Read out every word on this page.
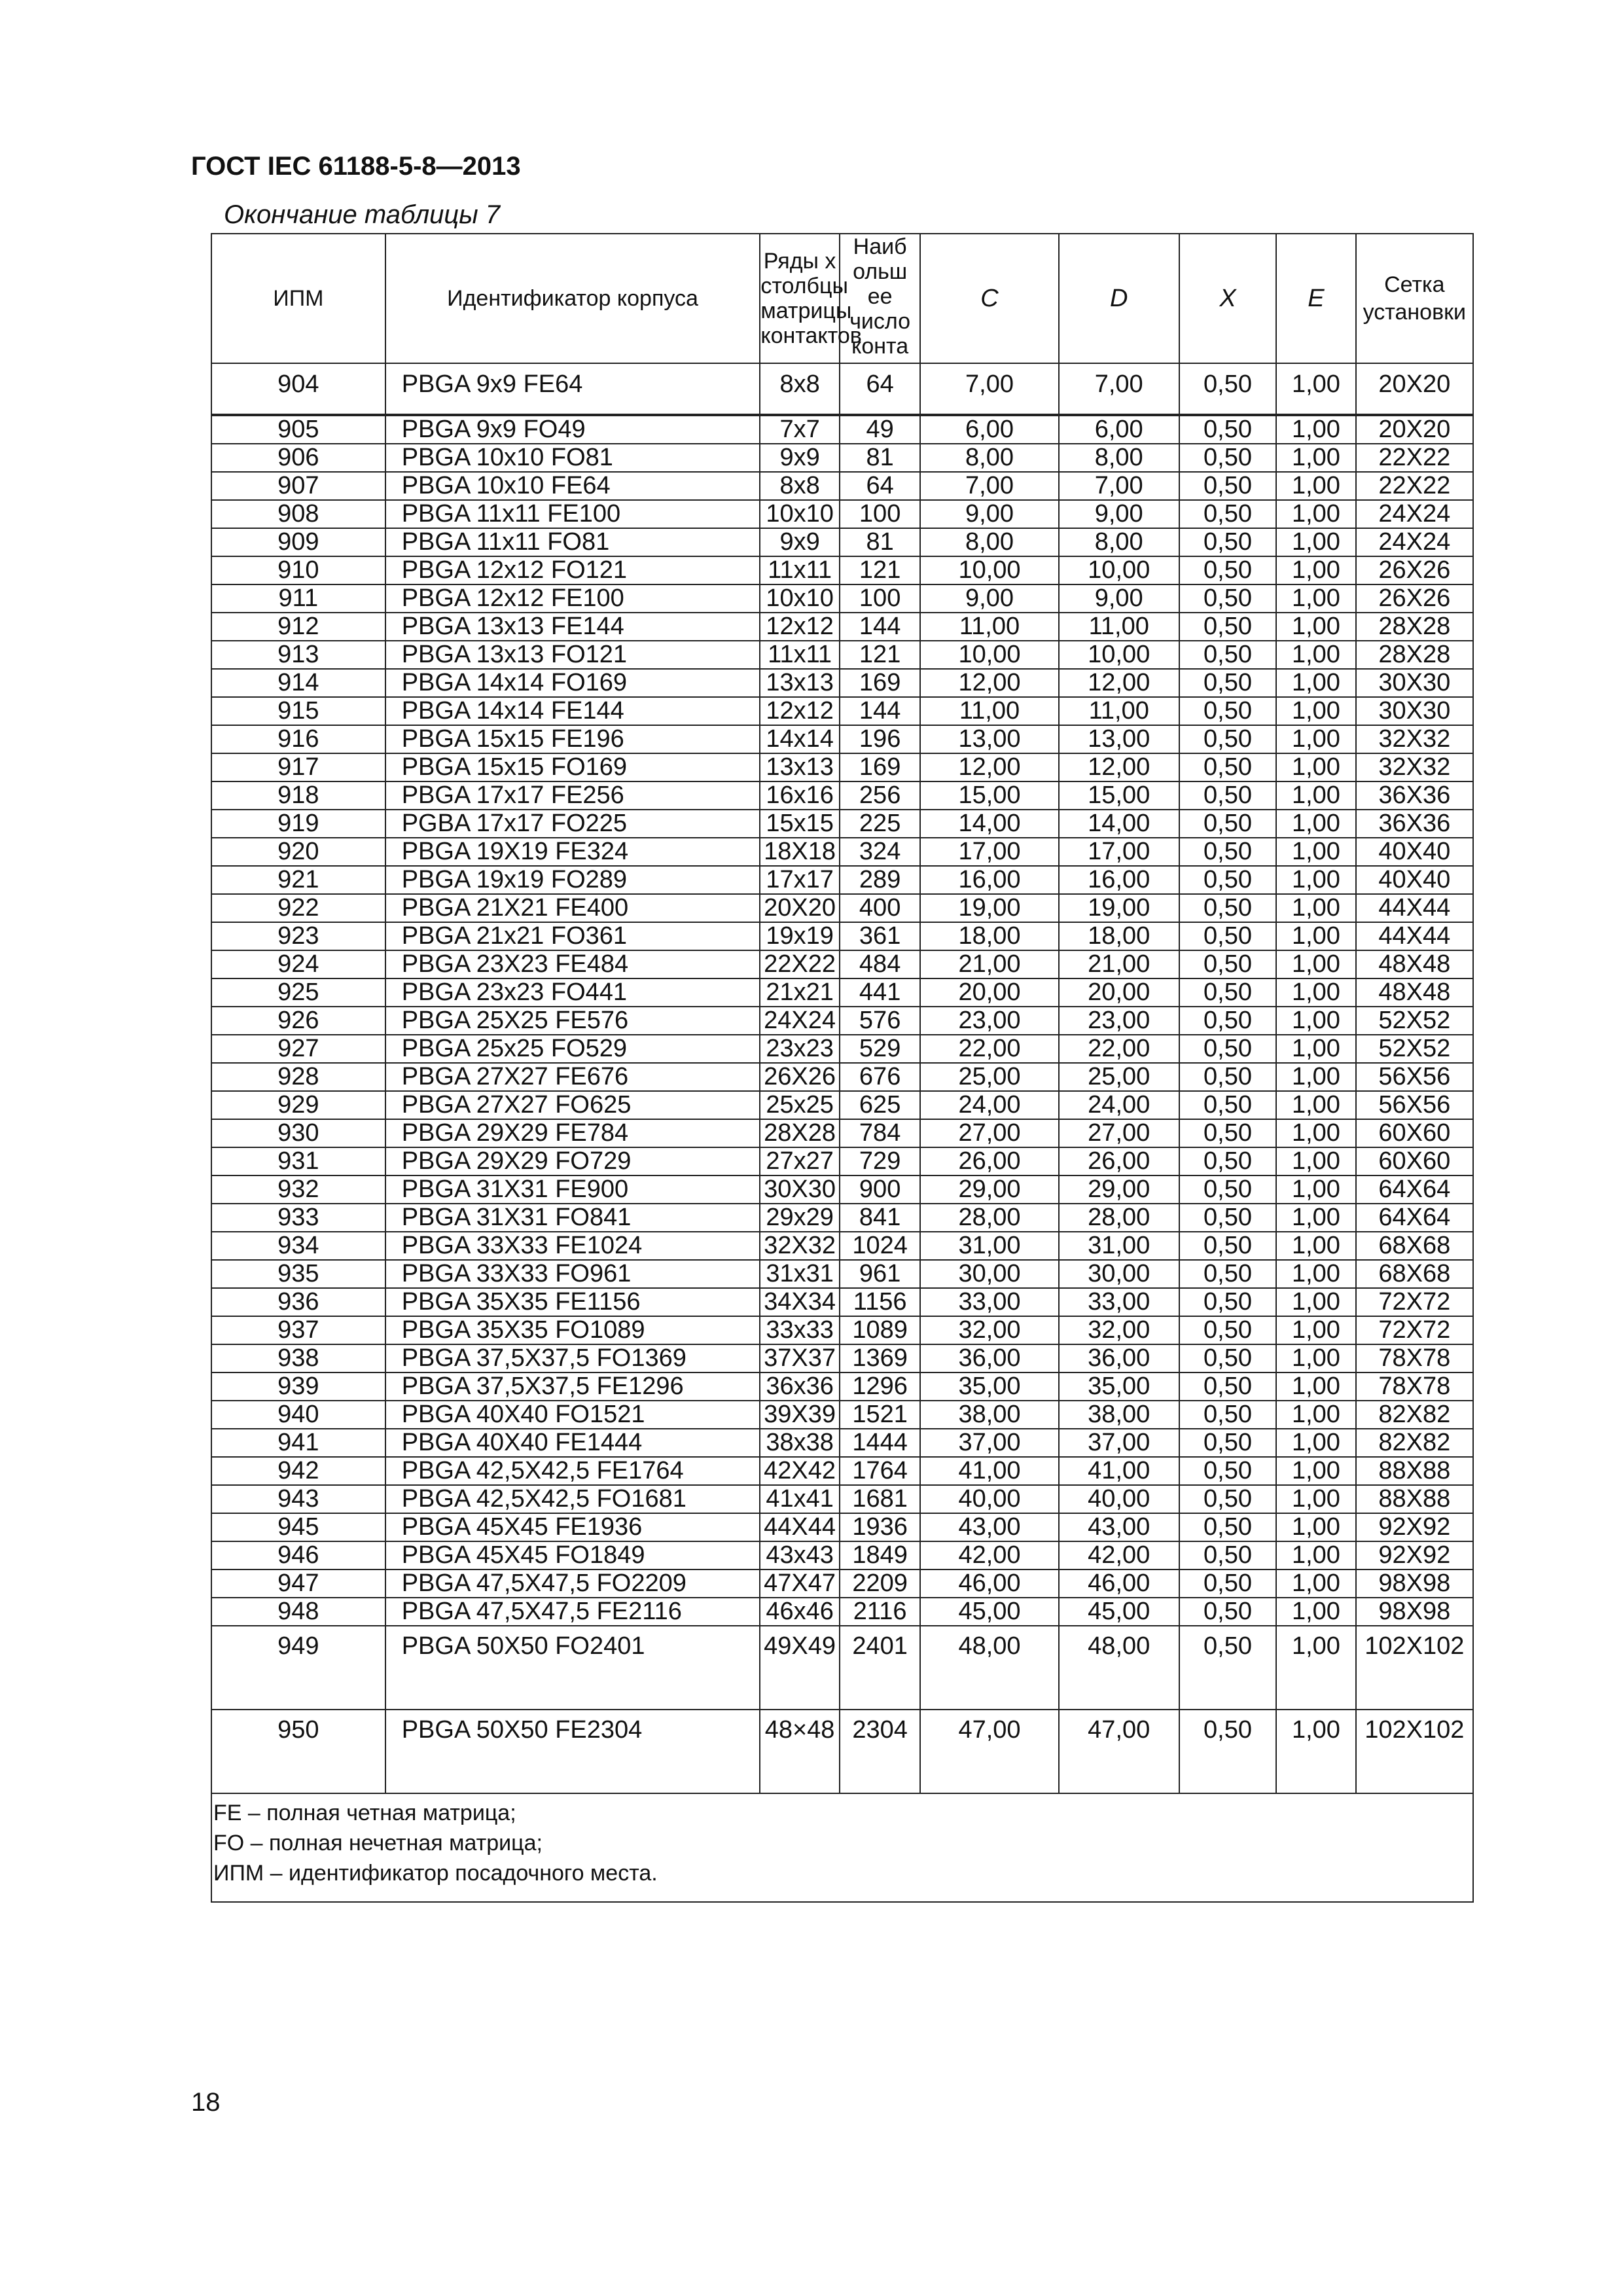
ГОСТ IEC 61188-5-8—2013
Окончание таблицы 7
ИПМ	Идентификатор корпуса	Ряды х
столбцы
матрицы
контактов	Наиб
ольш
ее
число
конта	C	D	X	E	Сетка
установки
904	PBGA 9x9 FE64	8x8	64	7,00	7,00	0,50	1,00	20X20
905	PBGA 9x9 FO49	7x7	49	6,00	6,00	0,50	1,00	20X20
906	PBGA 10x10 FO81	9x9	81	8,00	8,00	0,50	1,00	22X22
907	PBGA 10x10 FE64	8x8	64	7,00	7,00	0,50	1,00	22X22
908	PBGA 11x11 FE100	10x10	100	9,00	9,00	0,50	1,00	24X24
909	PBGA 11x11 FO81	9x9	81	8,00	8,00	0,50	1,00	24X24
910	PBGA 12x12 FO121	11x11	121	10,00	10,00	0,50	1,00	26X26
911	PBGA 12x12 FE100	10x10	100	9,00	9,00	0,50	1,00	26X26
912	PBGA 13x13 FE144	12x12	144	11,00	11,00	0,50	1,00	28X28
913	PBGA 13x13 FO121	11x11	121	10,00	10,00	0,50	1,00	28X28
914	PBGA 14x14 FO169	13x13	169	12,00	12,00	0,50	1,00	30X30
915	PBGA 14x14 FE144	12x12	144	11,00	11,00	0,50	1,00	30X30
916	PBGA 15x15 FE196	14x14	196	13,00	13,00	0,50	1,00	32X32
917	PBGA 15x15 FO169	13x13	169	12,00	12,00	0,50	1,00	32X32
918	PBGA 17x17 FE256	16x16	256	15,00	15,00	0,50	1,00	36X36
919	PGBA 17x17 FO225	15x15	225	14,00	14,00	0,50	1,00	36X36
920	PBGA 19X19 FE324	18X18	324	17,00	17,00	0,50	1,00	40X40
921	PBGA 19x19 FO289	17x17	289	16,00	16,00	0,50	1,00	40X40
922	PBGA 21X21 FE400	20X20	400	19,00	19,00	0,50	1,00	44X44
923	PBGA 21x21 FO361	19x19	361	18,00	18,00	0,50	1,00	44X44
924	PBGA 23X23 FE484	22X22	484	21,00	21,00	0,50	1,00	48X48
925	PBGA 23x23 FO441	21x21	441	20,00	20,00	0,50	1,00	48X48
926	PBGA 25X25 FE576	24X24	576	23,00	23,00	0,50	1,00	52X52
927	PBGA 25x25 FO529	23x23	529	22,00	22,00	0,50	1,00	52X52
928	PBGA 27X27 FE676	26X26	676	25,00	25,00	0,50	1,00	56X56
929	PBGA 27X27 FO625	25x25	625	24,00	24,00	0,50	1,00	56X56
930	PBGA 29X29 FE784	28X28	784	27,00	27,00	0,50	1,00	60X60
931	PBGA 29X29 FO729	27x27	729	26,00	26,00	0,50	1,00	60X60
932	PBGA 31X31 FE900	30X30	900	29,00	29,00	0,50	1,00	64X64
933	PBGA 31X31 FO841	29x29	841	28,00	28,00	0,50	1,00	64X64
934	PBGA 33X33 FE1024	32X32	1024	31,00	31,00	0,50	1,00	68X68
935	PBGA 33X33 FO961	31x31	961	30,00	30,00	0,50	1,00	68X68
936	PBGA 35X35 FE1156	34X34	1156	33,00	33,00	0,50	1,00	72X72
937	PBGA 35X35 FO1089	33x33	1089	32,00	32,00	0,50	1,00	72X72
938	PBGA 37,5X37,5 FO1369	37X37	1369	36,00	36,00	0,50	1,00	78X78
939	PBGA 37,5X37,5 FE1296	36x36	1296	35,00	35,00	0,50	1,00	78X78
940	PBGA 40X40 FO1521	39X39	1521	38,00	38,00	0,50	1,00	82X82
941	PBGA 40X40 FE1444	38x38	1444	37,00	37,00	0,50	1,00	82X82
942	PBGA 42,5X42,5 FE1764	42X42	1764	41,00	41,00	0,50	1,00	88X88
943	PBGA 42,5X42,5 FO1681	41x41	1681	40,00	40,00	0,50	1,00	88X88
945	PBGA 45X45 FE1936	44X44	1936	43,00	43,00	0,50	1,00	92X92
946	PBGA 45X45 FO1849	43x43	1849	42,00	42,00	0,50	1,00	92X92
947	PBGA 47,5X47,5 FO2209	47X47	2209	46,00	46,00	0,50	1,00	98X98
948	PBGA 47,5X47,5 FE2116	46x46	2116	45,00	45,00	0,50	1,00	98X98
949	PBGA 50X50 FO2401	49X49	2401	48,00	48,00	0,50	1,00	102X102
950	PBGA 50X50 FE2304	48×48	2304	47,00	47,00	0,50	1,00	102X102

FE – полная четная матрица;
FO – полная нечетная матрица;
ИПМ – идентификатор посадочного места.								
18
